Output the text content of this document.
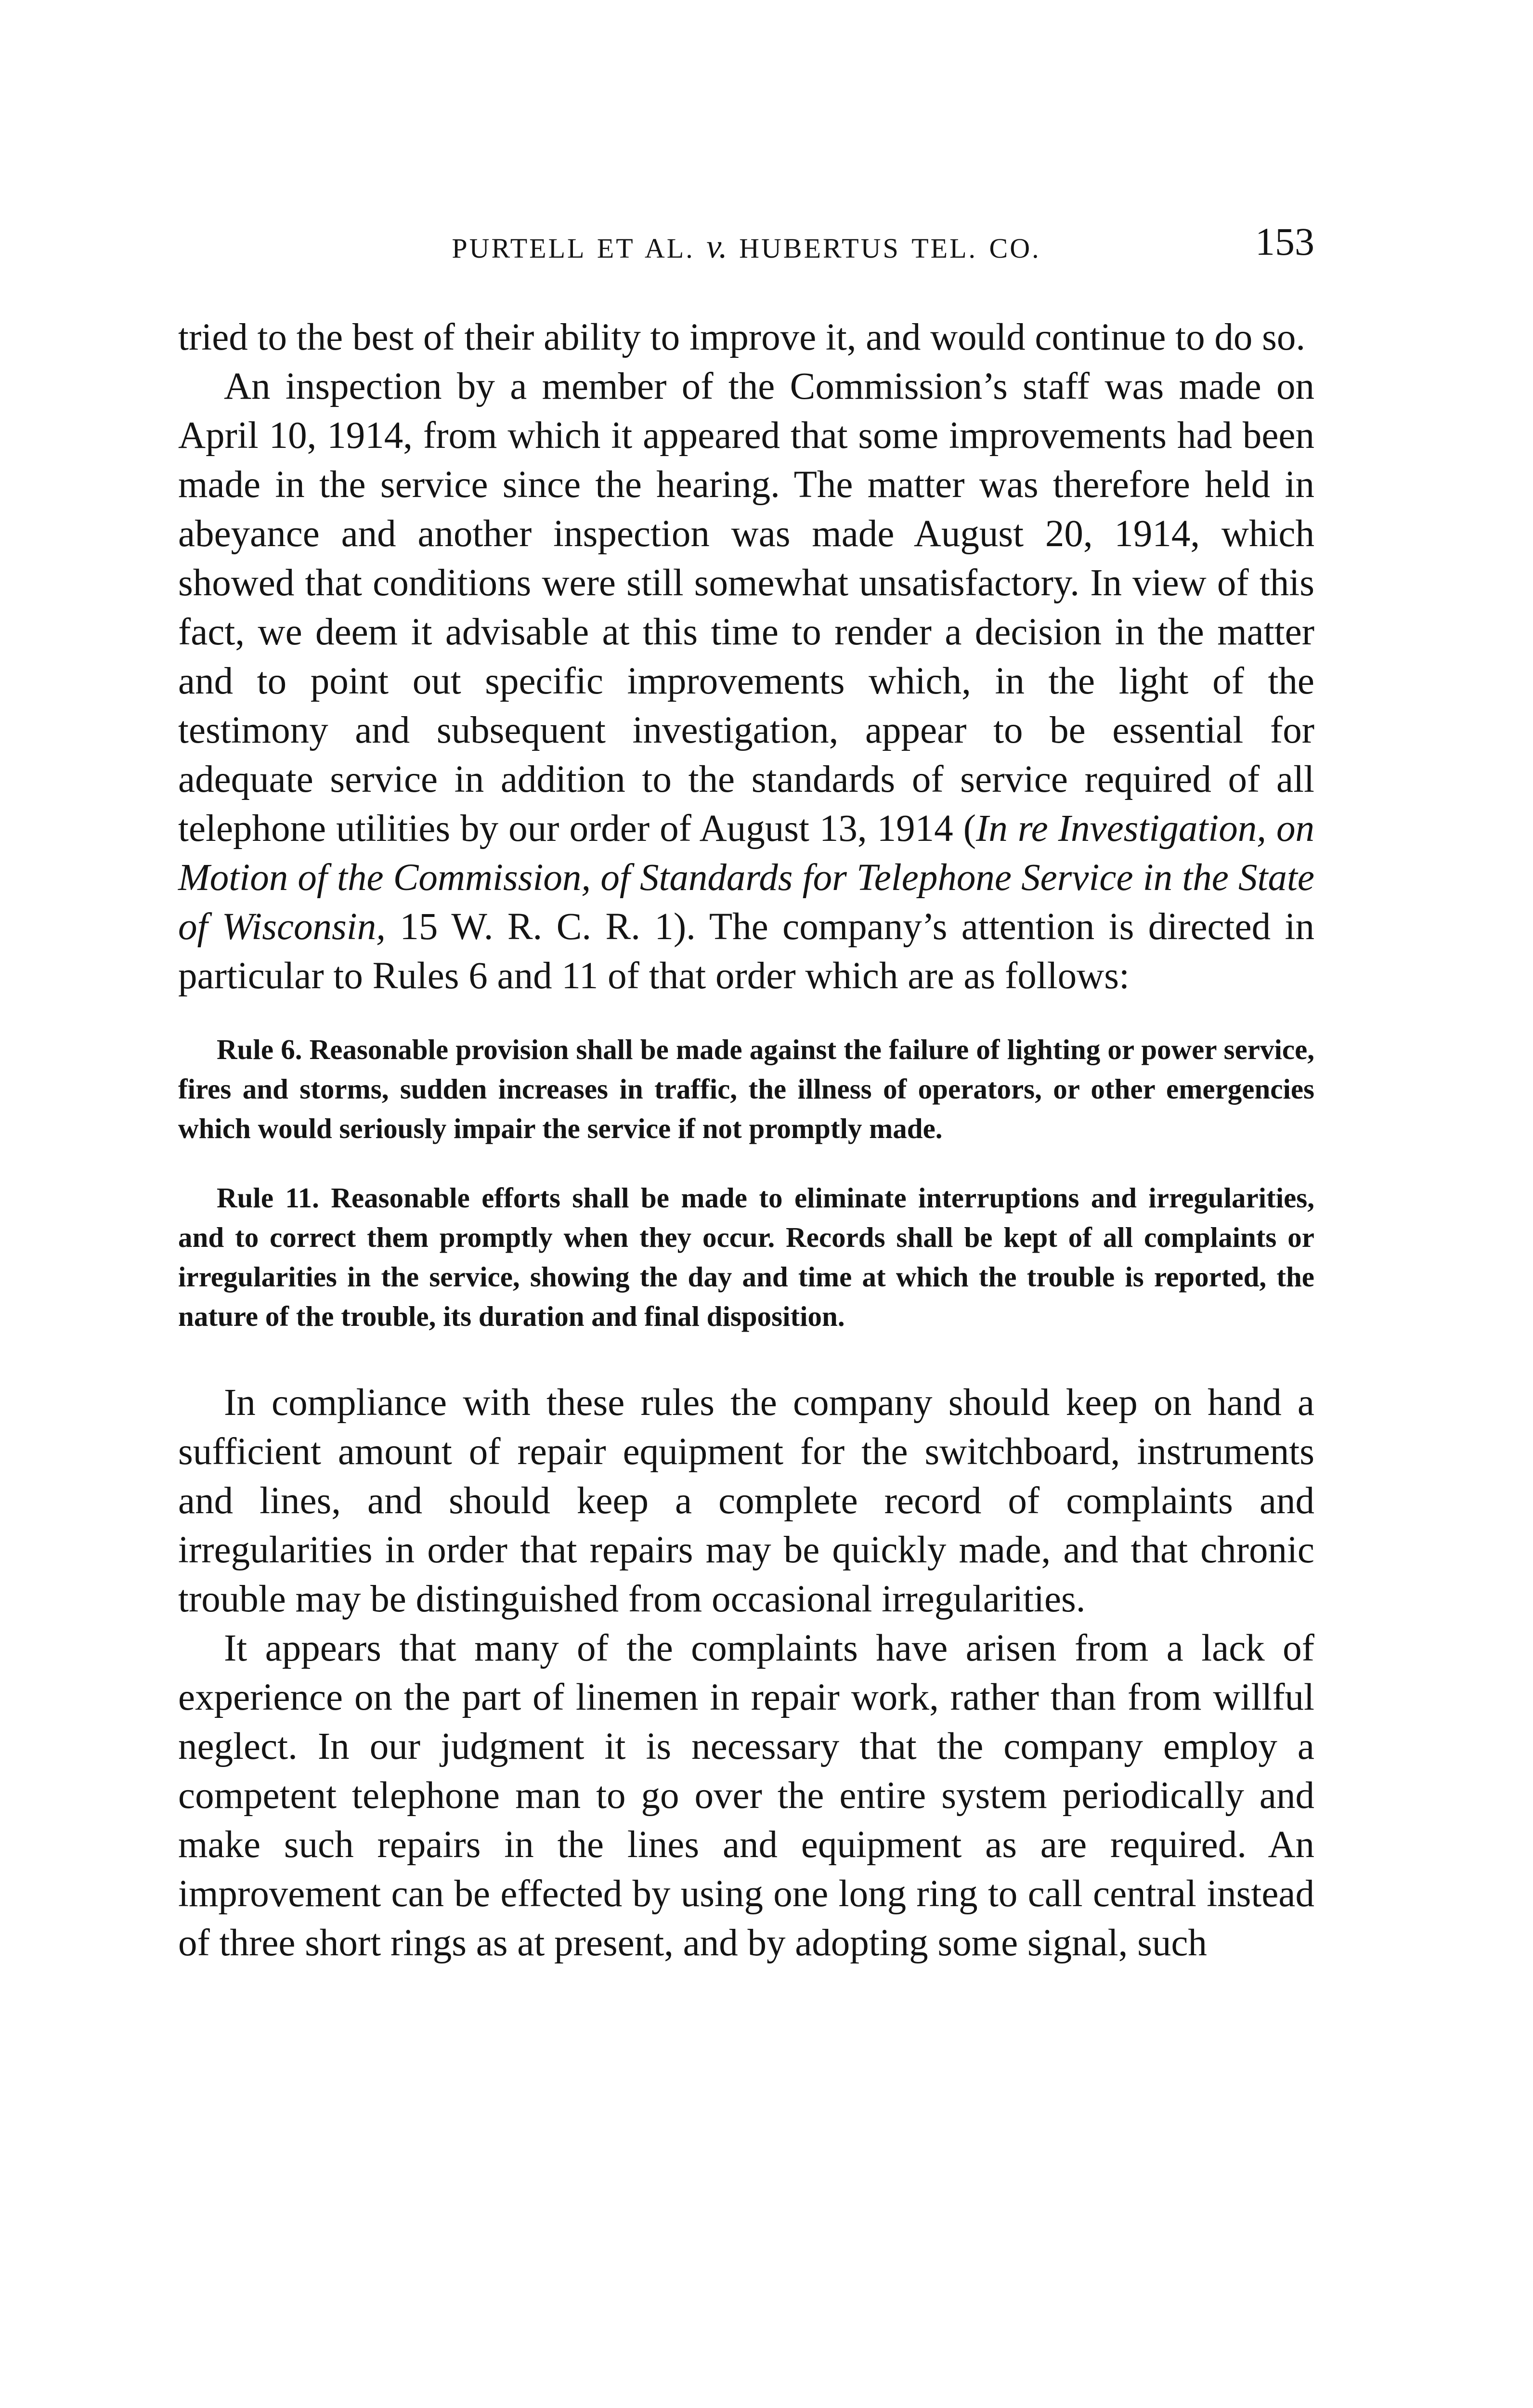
PURTELL ET AL. v. HUBERTUS TEL. CO.	153

tried to the best of their ability to improve it, and would continue to do so.

An inspection by a member of the Commission’s staff was made on April 10, 1914, from which it appeared that some improvements had been made in the service since the hearing. The matter was therefore held in abeyance and another inspection was made August 20, 1914, which showed that conditions were still somewhat unsatisfactory. In view of this fact, we deem it advisable at this time to render a decision in the matter and to point out specific improvements which, in the light of the testimony and subsequent investigation, appear to be essential for adequate service in addition to the standards of service required of all telephone utilities by our order of August 13, 1914 (In re Investigation, on Motion of the Commission, of Standards for Telephone Service in the State of Wisconsin, 15 W. R. C. R. 1). The company’s attention is directed in particular to Rules 6 and 11 of that order which are as follows:

Rule 6. Reasonable provision shall be made against the failure of lighting or power service, fires and storms, sudden increases in traffic, the illness of operators, or other emergencies which would seriously impair the service if not promptly made.

Rule 11. Reasonable efforts shall be made to eliminate interruptions and irregularities, and to correct them promptly when they occur. Records shall be kept of all complaints or irregularities in the service, showing the day and time at which the trouble is reported, the nature of the trouble, its duration and final disposition.

In compliance with these rules the company should keep on hand a sufficient amount of repair equipment for the switchboard, instruments and lines, and should keep a complete record of complaints and irregularities in order that repairs may be quickly made, and that chronic trouble may be distinguished from occasional irregularities.

It appears that many of the complaints have arisen from a lack of experience on the part of linemen in repair work, rather than from willful neglect. In our judgment it is necessary that the company employ a competent telephone man to go over the entire system periodically and make such repairs in the lines and equipment as are required. An improvement can be effected by using one long ring to call central instead of three short rings as at present, and by adopting some signal, such
